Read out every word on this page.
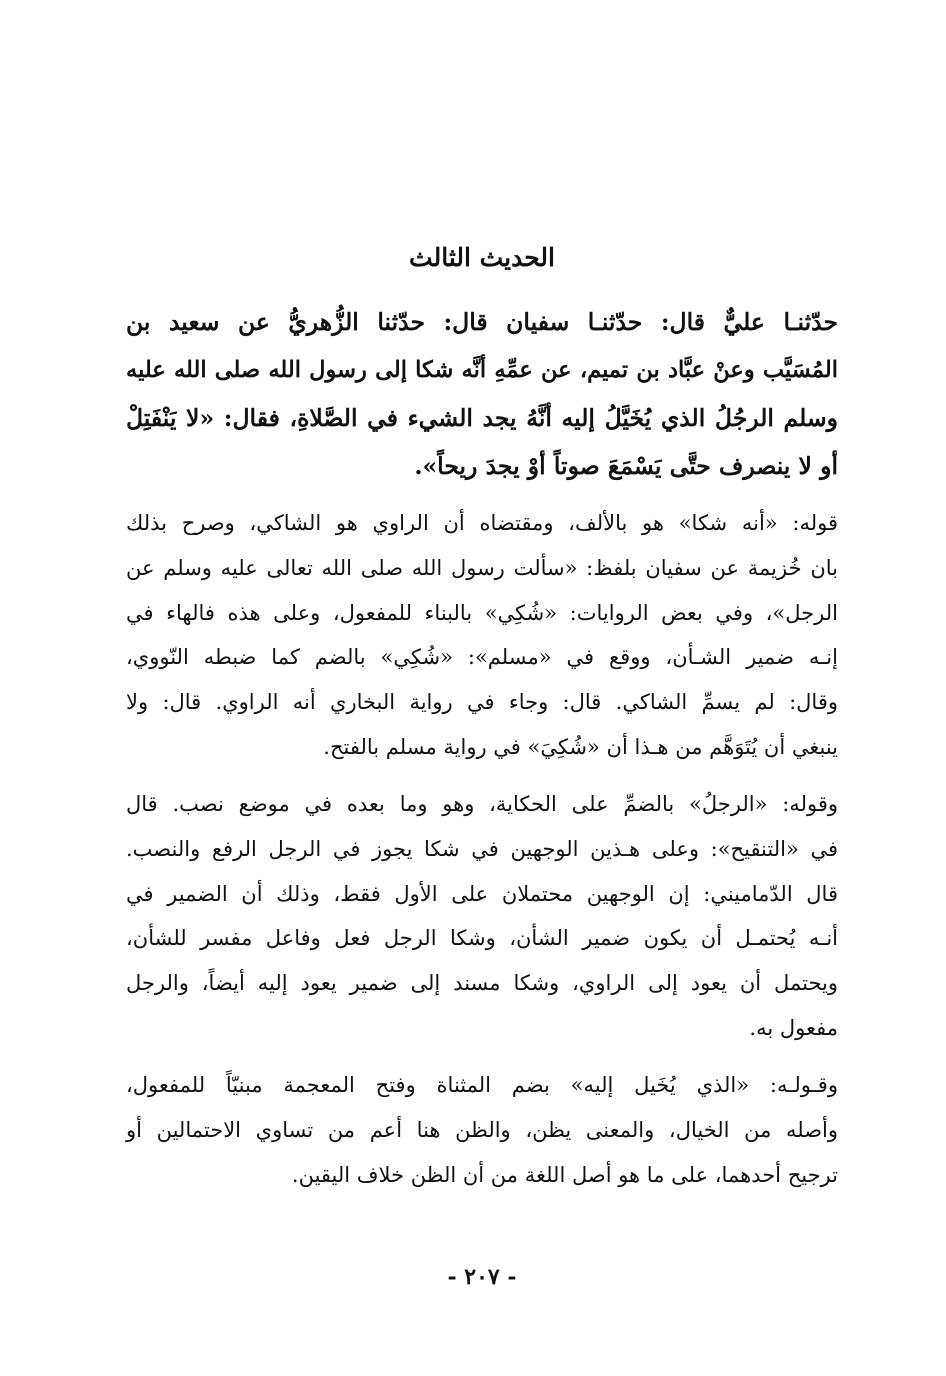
الحديث الثالث

حدّثنـا عليٌّ قال: حدّثنـا سفيان قال: حدّثنا الزُّهريُّ عن سعيد بن
المُسَيَّب وعنْ عبَّاد بن تميم، عن عمِّهِ أنَّه شكا إلى رسول الله صلى الله عليه
وسلم الرجُلُ الذي يُخَيَّلُ إليه أنَّهُ يجد الشيء في الصَّلاةِ، فقال: «لا يَنْفَتِلْ
أو لا ينصرف حتَّى يَسْمَعَ صوتاً أوْ يجدَ ريحاً».

قوله: «أنه شكا» هو بالألف، ومقتضاه أن الراوي هو الشاكي، وصرح بذلك
بان خُزيمة عن سفيان بلفظ: «سألت رسول الله صلى الله تعالى عليه وسلم عن
الرجل»، وفي بعض الروايات: «شُكِي» بالبناء للمفعول، وعلى هذه فالهاء في
إنـه ضمير الشـأن، ووقع في «مسلم»: «شُكِي» بالضم كما ضبطه النّووي،
وقال: لم يسمِّ الشاكي. قال: وجاء في رواية البخاري أنه الراوي. قال: ولا
ينبغي أن يُتَوَهَّم من هـذا أن «شُكِيَ» في رواية مسلم بالفتح.

وقوله: «الرجلُ» بالضمِّ على الحكاية، وهو وما بعده في موضع نصب. قال
في «التنقيح»: وعلى هـذين الوجهين في شكا يجوز في الرجل الرفع والنصب.
قال الدّماميني: إن الوجهين محتملان على الأول فقط، وذلك أن الضمير في
أنـه يُحتمـل أن يكون ضمير الشأن، وشكا الرجل فعل وفاعل مفسر للشأن،
ويحتمل أن يعود إلى الراوي، وشكا مسند إلى ضمير يعود إليه أيضاً، والرجل
مفعول به.

وقـولـه: «الذي يُخَيل إليه» بضم المثناة وفتح المعجمة مبنيّاً للمفعول،
وأصله من الخيال، والمعنى يظن، والظن هنا أعم من تساوي الاحتمالين أو
ترجيح أحدهما، على ما هو أصل اللغة من أن الظن خلاف اليقين.

- ٢٠٧ -
